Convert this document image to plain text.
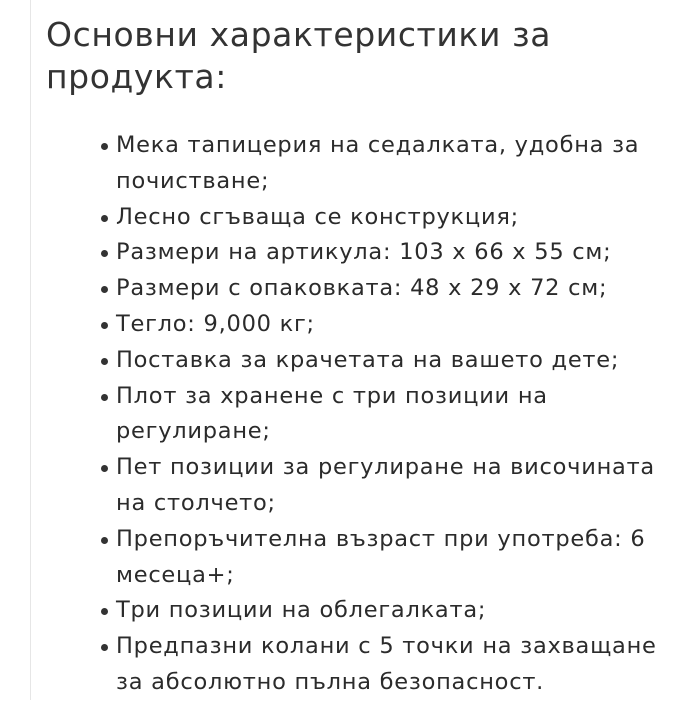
Основни характеристики за продукта:
Мека тапицерия на седалката, удобна за почистване;
Лесно сгъваща се конструкция;
Размери на артикула: 103 х 66 х 55 см;
Размери с опаковката: 48 х 29 х 72 см;
Тегло: 9,000 кг;
Поставка за крачетата на вашето дете;
Плот за хранене с три позиции на регулиране;
Пет позиции за регулиране на височината на столчето;
Препоръчителна възраст при употреба: 6 месеца+;
Три позиции на облегалката;
Предпазни колани с 5 точки на захващане за абсолютно пълна безопасност.
